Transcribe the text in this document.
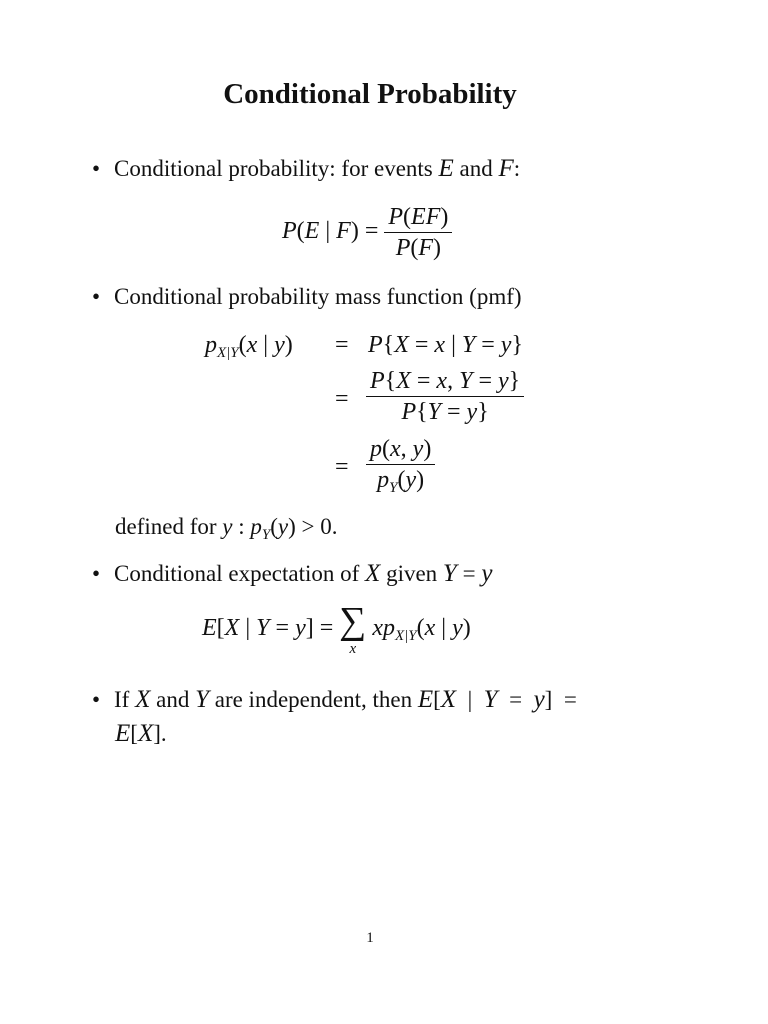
Conditional Probability
• Conditional probability: for events E and F:
P(E | $F) = \frac{P(EF)}{P(F)}$
• Conditional probability mass function (pmf)
$p_{X|Y}(x$ | y) = P{X = x | Y = y}
= $\frac{P\{X = x, Y = y\}}{P\{Y = y\}}$
= $\frac{p(x, y)}{p_Y(y)}$
defined for y : $p_Y(y) > 0$.
• Conditional expectation of X given Y = y
E[X | Y = y] = ∑
x
$xp_{X|Y}(x$ | y)
• If X and Y are independent, then E[X  |  Y  =  y]  =
E[X].
1
